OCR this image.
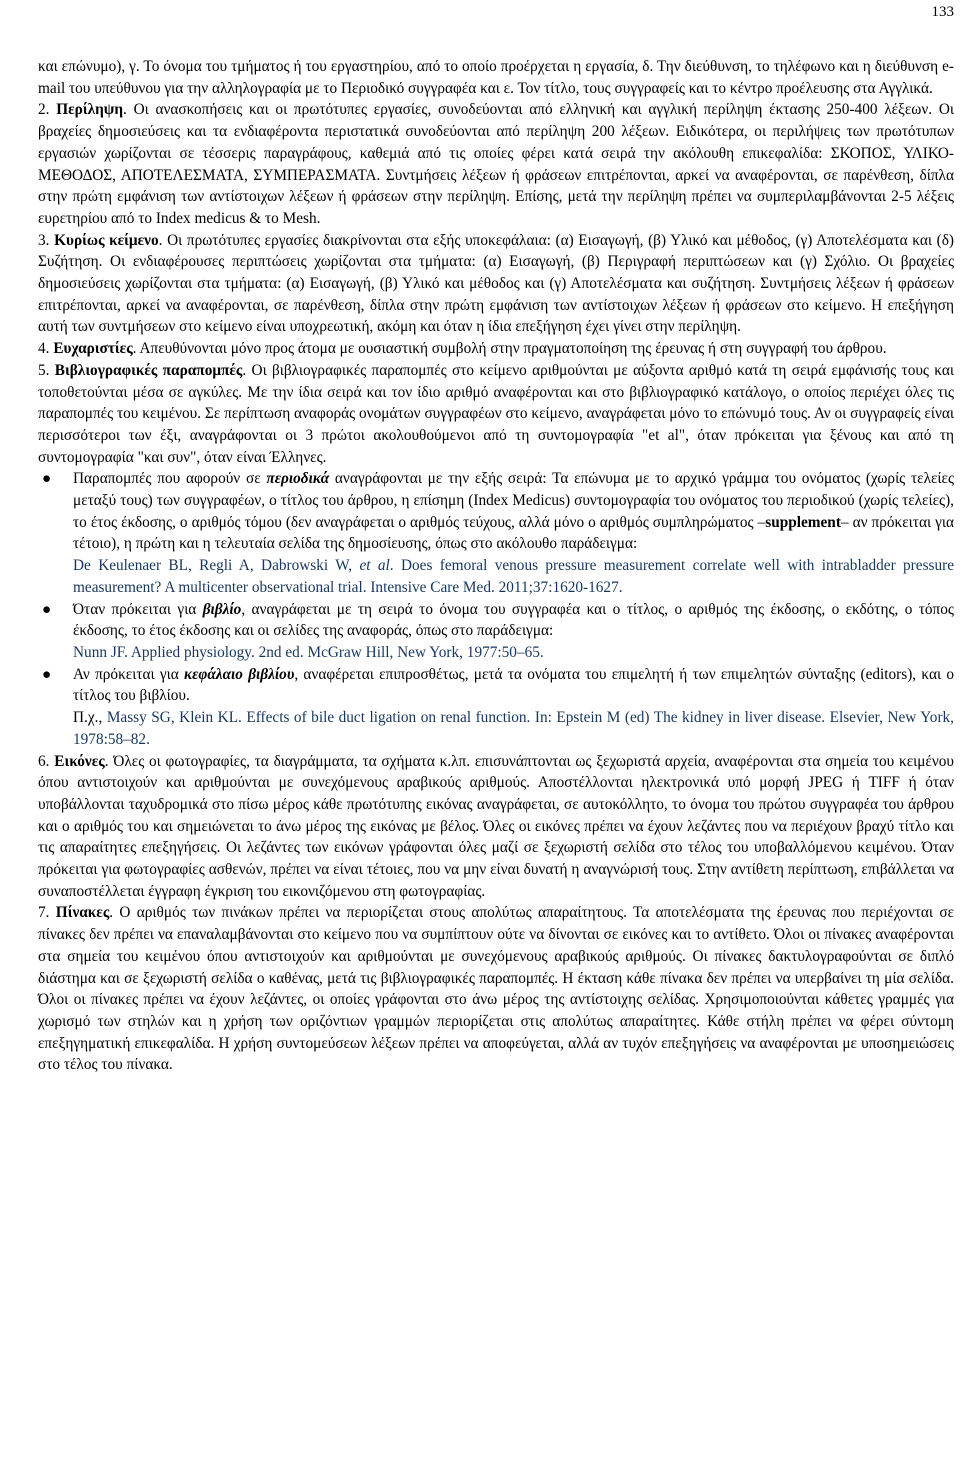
133

και επώνυμο), γ. Το όνομα του τμήματος ή του εργαστηρίου, από το οποίο προέρχεται η εργασία, δ. Την διεύθυνση, το τηλέφωνο και η διεύθυνση e-mail του υπεύθυνου για την αλληλογραφία με το Περιοδικό συγγραφέα και ε. Τον τίτλο, τους συγγραφείς και το κέντρο προέλευσης στα Αγγλικά.

2. Περίληψη. Οι ανασκοπήσεις και οι πρωτότυπες εργασίες, συνοδεύονται από ελληνική και αγγλική περίληψη έκτασης 250-400 λέξεων. Οι βραχείες δημοσιεύσεις και τα ενδιαφέροντα περιστατικά συνοδεύονται από περίληψη 200 λέξεων. Ειδικότερα, οι περιλήψεις των πρωτότυπων εργασιών χωρίζονται σε τέσσερις παραγράφους, καθεμιά από τις οποίες φέρει κατά σειρά την ακόλουθη επικεφαλίδα: ΣΚΟΠΟΣ, ΥΛΙΚΟ-ΜΕΘΟΔΟΣ, ΑΠΟΤΕΛΕΣΜΑΤΑ, ΣΥΜΠΕΡΑΣΜΑΤΑ. Συντμήσεις λέξεων ή φράσεων επιτρέπονται, αρκεί να αναφέρονται, σε παρένθεση, δίπλα στην πρώτη εμφάνιση των αντίστοιχων λέξεων ή φράσεων στην περίληψη. Επίσης, μετά την περίληψη πρέπει να συμπεριλαμβάνονται 2-5 λέξεις ευρετηρίου από το Index medicus & το Mesh.

3. Κυρίως κείμενο. Οι πρωτότυπες εργασίες διακρίνονται στα εξής υποκεφάλαια: (α) Εισαγωγή, (β) Υλικό και μέθοδος, (γ) Αποτελέσματα και (δ) Συζήτηση. Οι ενδιαφέρουσες περιπτώσεις χωρίζονται στα τμήματα: (α) Εισαγωγή, (β) Περιγραφή περιπτώσεων και (γ) Σχόλιο. Οι βραχείες δημοσιεύσεις χωρίζονται στα τμήματα: (α) Εισαγωγή, (β) Υλικό και μέθοδος και (γ) Αποτελέσματα και συζήτηση. Συντμήσεις λέξεων ή φράσεων επιτρέπονται, αρκεί να αναφέρονται, σε παρένθεση, δίπλα στην πρώτη εμφάνιση των αντίστοιχων λέξεων ή φράσεων στο κείμενο. Η επεξήγηση αυτή των συντμήσεων στο κείμενο είναι υποχρεωτική, ακόμη και όταν η ίδια επεξήγηση έχει γίνει στην περίληψη.

4. Ευχαριστίες. Απευθύνονται μόνο προς άτομα με ουσιαστική συμβολή στην πραγματοποίηση της έρευνας ή στη συγγραφή του άρθρου.

5. Βιβλιογραφικές παραπομπές. Οι βιβλιογραφικές παραπομπές στο κείμενο αριθμούνται με αύξοντα αριθμό κατά τη σειρά εμφάνισής τους και τοποθετούνται μέσα σε αγκύλες. Με την ίδια σειρά και τον ίδιο αριθμό αναφέρονται και στο βιβλιογραφικό κατάλογο, ο οποίος περιέχει όλες τις παραπομπές του κειμένου. Σε περίπτωση αναφοράς ονομάτων συγγραφέων στο κείμενο, αναγράφεται μόνο το επώνυμό τους. Αν οι συγγραφείς είναι περισσότεροι των έξι, αναγράφονται οι 3 πρώτοι ακολουθούμενοι από τη συντομογραφία "et al", όταν πρόκειται για ξένους και από τη συντομογραφία "και συν", όταν είναι Έλληνες.

● Παραπομπές που αφορούν σε περιοδικά αναγράφονται με την εξής σειρά: Τα επώνυμα με το αρχικό γράμμα του ονόματος (χωρίς τελείες μεταξύ τους) των συγγραφέων, ο τίτλος του άρθρου, η επίσημη (Index Medicus) συντομογραφία του ονόματος του περιοδικού (χωρίς τελείες), το έτος έκδοσης, ο αριθμός τόμου (δεν αναγράφεται ο αριθμός τεύχους, αλλά μόνο ο αριθμός συμπληρώματος –supplement– αν πρόκειται για τέτοιο), η πρώτη και η τελευταία σελίδα της δημοσίευσης, όπως στο ακόλουθο παράδειγμα:
De Keulenaer BL, Regli A, Dabrowski W, et al. Does femoral venous pressure measurement correlate well with intrabladder pressure measurement? A multicenter observational trial. Intensive Care Med. 2011;37:1620-1627.
● Όταν πρόκειται για βιβλίο, αναγράφεται με τη σειρά το όνομα του συγγραφέα και ο τίτλος, ο αριθμός της έκδοσης, ο εκδότης, ο τόπος έκδοσης, το έτος έκδοσης και οι σελίδες της αναφοράς, όπως στο παράδειγμα:
Nunn JF. Applied physiology. 2nd ed. McGraw Hill, New York, 1977:50–65.
● Αν πρόκειται για κεφάλαιο βιβλίου, αναφέρεται επιπροσθέτως, μετά τα ονόματα του επιμελητή ή των επιμελητών σύνταξης (editors), και ο τίτλος του βιβλίου.
Π.χ., Massy SG, Klein KL. Effects of bile duct ligation on renal function. In: Epstein M (ed) The kidney in liver disease. Elsevier, New York, 1978:58–82.

6. Εικόνες. Όλες οι φωτογραφίες, τα διαγράμματα, τα σχήματα κ.λπ. επισυνάπτονται ως ξεχωριστά αρχεία, αναφέρονται στα σημεία του κειμένου όπου αντιστοιχούν και αριθμούνται με συνεχόμενους αραβικούς αριθμούς. Αποστέλλονται ηλεκτρονικά υπό μορφή JPEG ή TIFF ή όταν υποβάλλονται ταχυδρομικά στο πίσω μέρος κάθε πρωτότυπης εικόνας αναγράφεται, σε αυτοκόλλητο, το όνομα του πρώτου συγγραφέα του άρθρου και ο αριθμός του και σημειώνεται το άνω μέρος της εικόνας με βέλος. Όλες οι εικόνες πρέπει να έχουν λεζάντες που να περιέχουν βραχύ τίτλο και τις απαραίτητες επεξηγήσεις. Οι λεζάντες των εικόνων γράφονται όλες μαζί σε ξεχωριστή σελίδα στο τέλος του υποβαλλόμενου κειμένου. Όταν πρόκειται για φωτογραφίες ασθενών, πρέπει να είναι τέτοιες, που να μην είναι δυνατή η αναγνώρισή τους. Στην αντίθετη περίπτωση, επιβάλλεται να συναποστέλλεται έγγραφη έγκριση του εικονιζόμενου στη φωτογραφίας.

7. Πίνακες. Ο αριθμός των πινάκων πρέπει να περιορίζεται στους απολύτως απαραίτητους. Τα αποτελέσματα της έρευνας που περιέχονται σε πίνακες δεν πρέπει να επαναλαμβάνονται στο κείμενο που να συμπίπτουν ούτε να δίνονται σε εικόνες και το αντίθετο. Όλοι οι πίνακες αναφέρονται στα σημεία του κειμένου όπου αντιστοιχούν και αριθμούνται με συνεχόμενους αραβικούς αριθμούς. Οι πίνακες δακτυλογραφούνται σε διπλό διάστημα και σε ξεχωριστή σελίδα ο καθένας, μετά τις βιβλιογραφικές παραπομπές. Η έκταση κάθε πίνακα δεν πρέπει να υπερβαίνει τη μία σελίδα. Όλοι οι πίνακες πρέπει να έχουν λεζάντες, οι οποίες γράφονται στο άνω μέρος της αντίστοιχης σελίδας. Χρησιμοποιούνται κάθετες γραμμές για χωρισμό των στηλών και η χρήση των οριζόντιων γραμμών περιορίζεται στις απολύτως απαραίτητες. Κάθε στήλη πρέπει να φέρει σύντομη επεξηγηματική επικεφαλίδα. Η χρήση συντομεύσεων λέξεων πρέπει να αποφεύγεται, αλλά αν τυχόν επεξηγήσεις να αναφέρονται με υποσημειώσεις στο τέλος του πίνακα.
